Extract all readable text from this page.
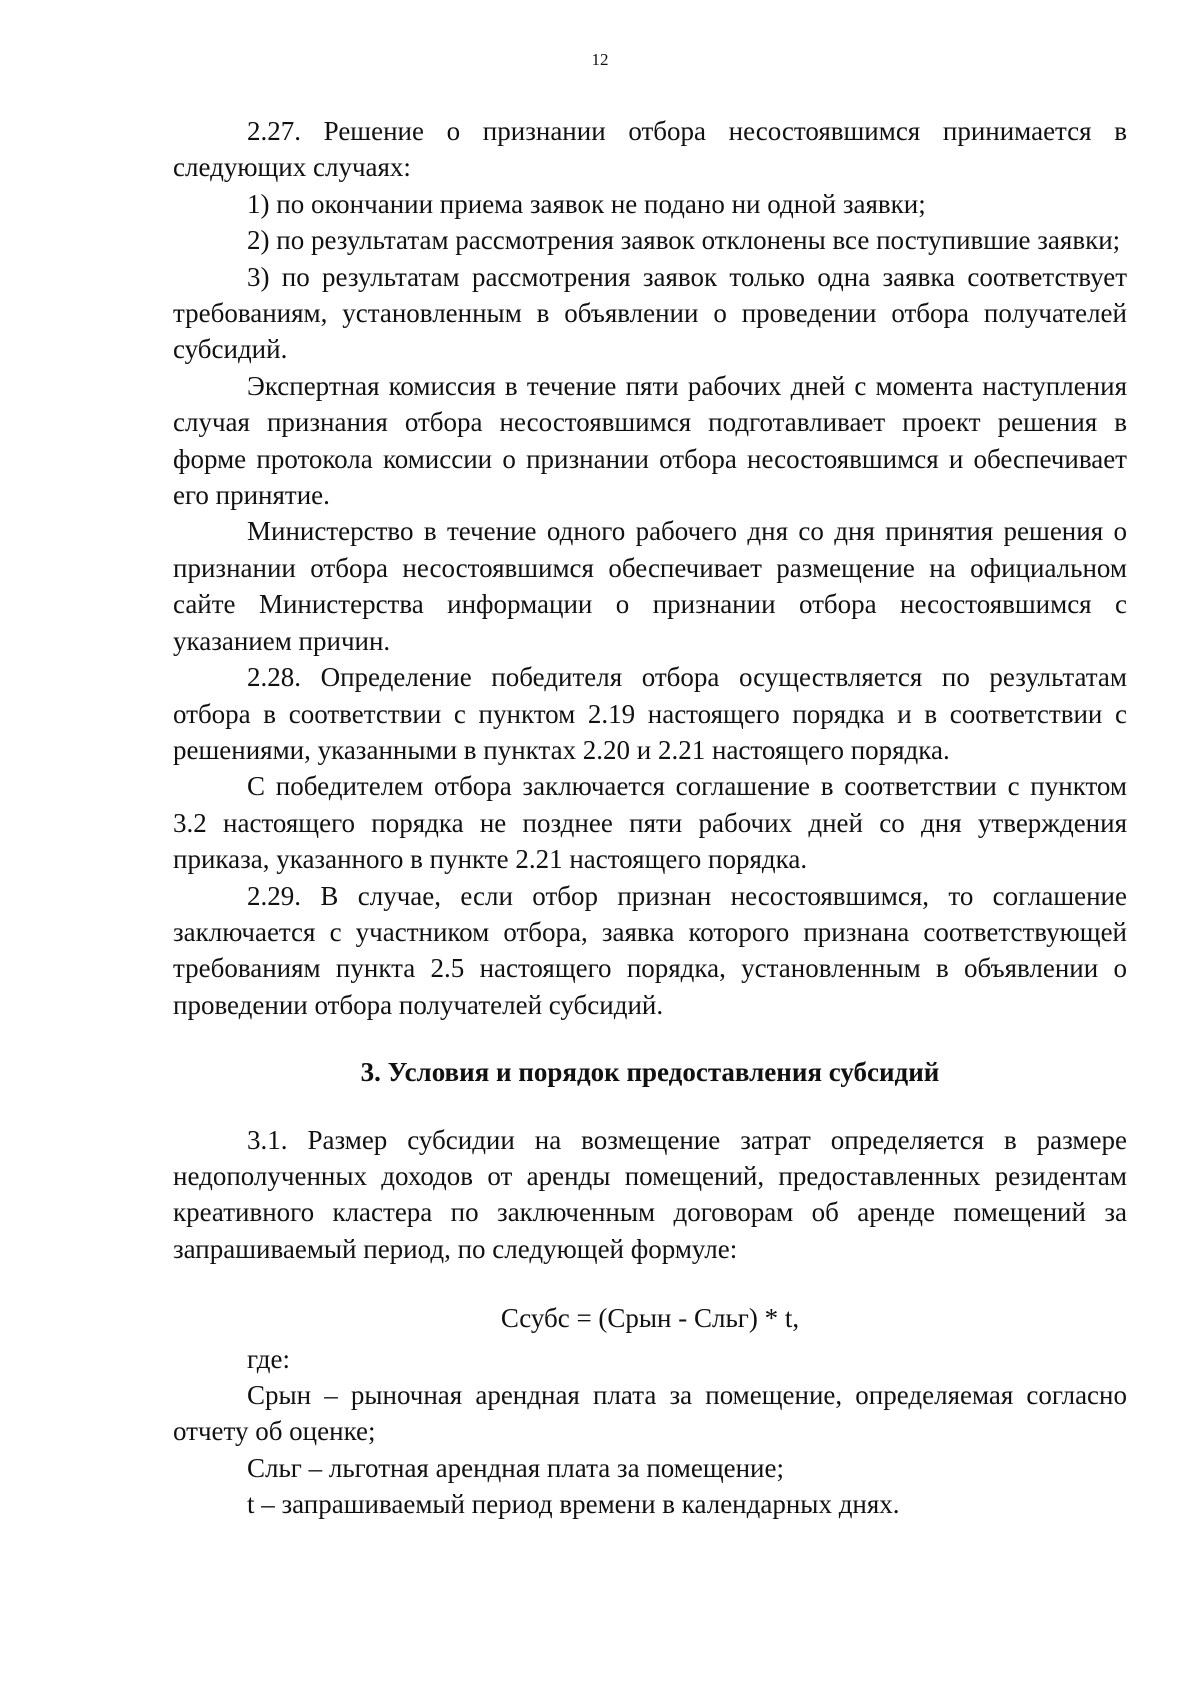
12

2.27. Решение о признании отбора несостоявшимся принимается в следующих случаях:

1) по окончании приема заявок не подано ни одной заявки;

2) по результатам рассмотрения заявок отклонены все поступившие заявки;

3) по результатам рассмотрения заявок только одна заявка соответствует требованиям, установленным в объявлении о проведении отбора получателей субсидий.

Экспертная комиссия в течение пяти рабочих дней с момента наступления случая признания отбора несостоявшимся подготавливает проект решения в форме протокола комиссии о признании отбора несостоявшимся и обеспечивает его принятие.

Министерство в течение одного рабочего дня со дня принятия решения о признании отбора несостоявшимся обеспечивает размещение на официальном сайте Министерства информации о признании отбора несостоявшимся с указанием причин.

2.28. Определение победителя отбора осуществляется по результатам отбора в соответствии с пунктом 2.19 настоящего порядка и в соответствии с решениями, указанными в пунктах 2.20 и 2.21 настоящего порядка.

С победителем отбора заключается соглашение в соответствии с пунктом 3.2 настоящего порядка не позднее пяти рабочих дней со дня утверждения приказа, указанного в пункте 2.21 настоящего порядка.

2.29. В случае, если отбор признан несостоявшимся, то соглашение заключается с участником отбора, заявка которого признана соответствующей требованиям пункта 2.5 настоящего порядка, установленным в объявлении о проведении отбора получателей субсидий.

3. Условия и порядок предоставления субсидий

3.1. Размер субсидии на возмещение затрат определяется в размере недополученных доходов от аренды помещений, предоставленных резидентам креативного кластера по заключенным договорам об аренде помещений за запрашиваемый период, по следующей формуле:

Ссубс = (Срын - Сльг) * t,

где:

Срын – рыночная арендная плата за помещение, определяемая согласно отчету об оценке;

Сльг – льготная арендная плата за помещение;

t – запрашиваемый период времени в календарных днях.
